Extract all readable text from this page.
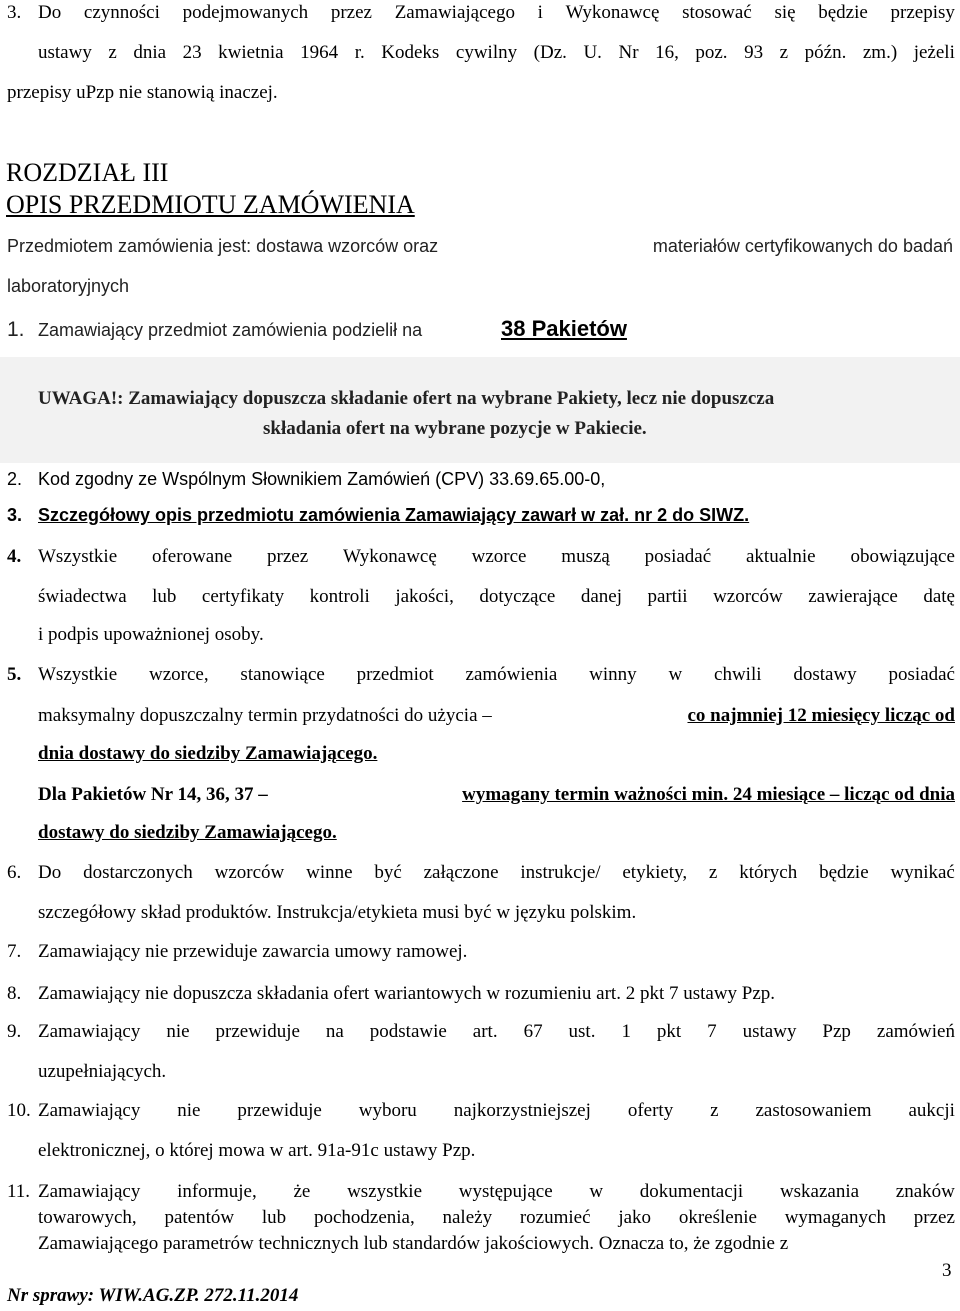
3. Do czynności podejmowanych przez Zamawiającego i Wykonawcę stosować się będzie przepisy
ustawy z dnia 23 kwietnia 1964 r. Kodeks cywilny (Dz. U. Nr 16, poz. 93 z późn. zm.) jeżeli
przepisy uPzp nie stanowią inaczej.
ROZDZIAŁ III
OPIS PRZEDMIOTU ZAMÓWIENIA
Przedmiotem zamówienia jest: dostawa wzorców oraz	materiałów certyfikowanych do badań
laboratoryjnych
1. Zamawiający przedmiot zamówienia podzielił na	38 Pakietów
UWAGA!: Zamawiający dopuszcza składanie ofert na wybrane Pakiety, lecz nie dopuszcza
składania ofert na wybrane pozycje w Pakiecie.
2. Kod zgodny ze Wspólnym Słownikiem Zamówień (CPV) 33.69.65.00-0,
3. Szczegółowy opis przedmiotu zamówienia Zamawiający zawarł w zał. nr 2 do SIWZ.
4. Wszystkie oferowane przez Wykonawcę wzorce muszą posiadać aktualnie obowiązujące
świadectwa lub certyfikaty kontroli jakości, dotyczące danej partii wzorców zawierające datę
i podpis upoważnionej osoby.
5. Wszystkie wzorce, stanowiące przedmiot zamówienia winny w chwili dostawy posiadać
maksymalny dopuszczalny termin przydatności do użycia –	co najmniej 12 miesięcy licząc od
dnia dostawy do siedziby Zamawiającego.
Dla Pakietów Nr 14, 36, 37 –	wymagany termin ważności min. 24 miesiące – licząc od dnia
dostawy do siedziby Zamawiającego.
6. Do dostarczonych wzorców winne być załączone instrukcje/ etykiety, z których będzie wynikać
szczegółowy skład produktów. Instrukcja/etykieta musi być w języku polskim.
7. Zamawiający nie przewiduje zawarcia umowy ramowej.
8. Zamawiający nie dopuszcza składania ofert wariantowych w rozumieniu art. 2 pkt 7 ustawy Pzp.
9. Zamawiający nie przewiduje na podstawie art. 67 ust. 1 pkt 7 ustawy Pzp zamówień
uzupełniających.
10. Zamawiający nie przewiduje wyboru najkorzystniejszej oferty z zastosowaniem aukcji
elektronicznej, o której mowa w art. 91a-91c ustawy Pzp.
11. Zamawiający informuje, że wszystkie występujące w dokumentacji wskazania znaków
towarowych, patentów lub pochodzenia, należy rozumieć jako określenie wymaganych przez
Zamawiającego parametrów technicznych lub standardów jakościowych. Oznacza to, że zgodnie z
3
Nr sprawy: WIW.AG.ZP. 272.11.2014
